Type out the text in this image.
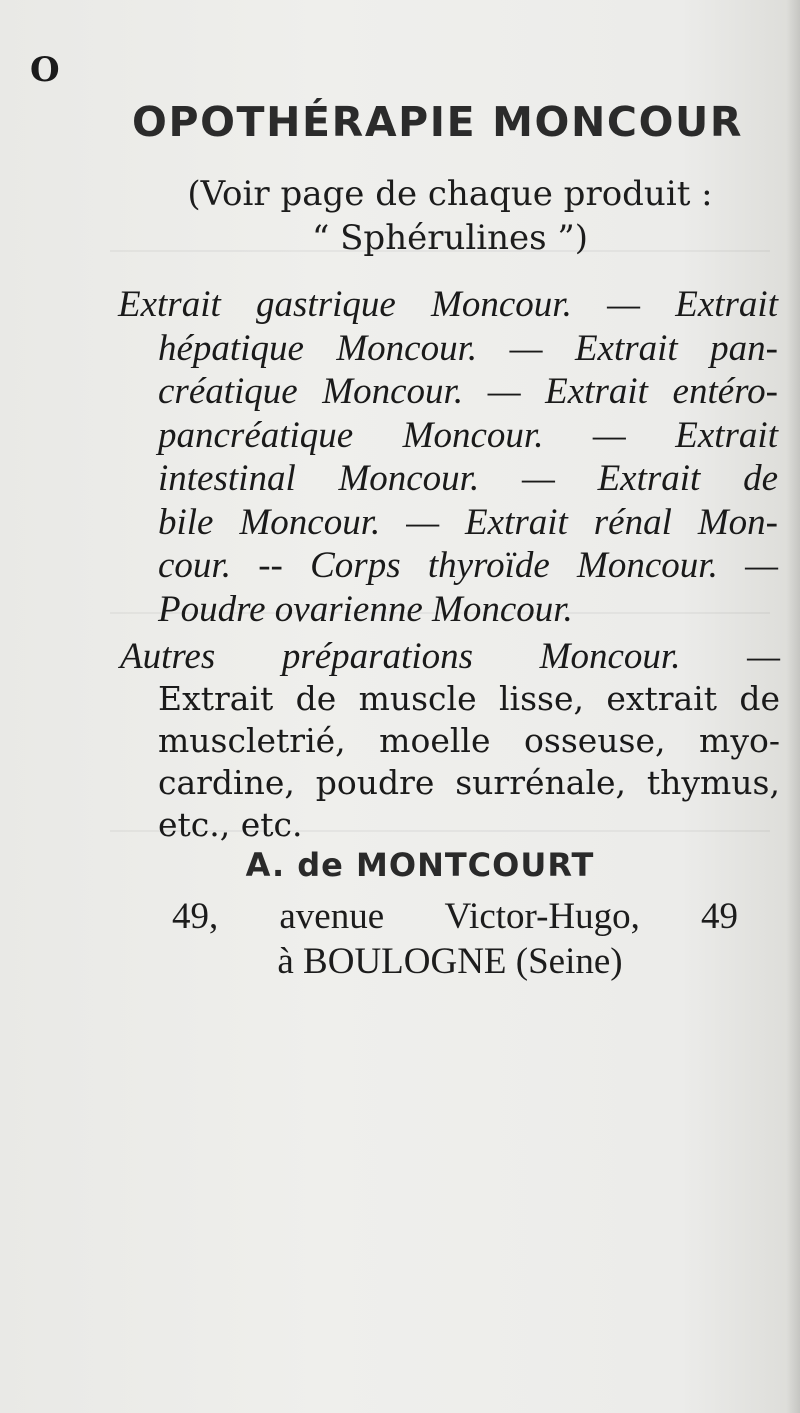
O
OPOTHÉRAPIE MONCOUR
(Voir page de chaque produit :
“ Sphérulines ”)
Extrait gastrique Moncour. — Extrait
hépatique Moncour. — Extrait pan-
créatique Moncour. — Extrait entéro-
pancréatique Moncour. — Extrait
intestinal Moncour. — Extrait de
bile Moncour. — Extrait rénal Mon-
cour. -- Corps thyroïde Moncour. —
Poudre ovarienne Moncour.
Autres préparations Moncour. —
Extrait de muscle lisse, extrait de
muscletrié, moelle osseuse, myo-
cardine, poudre surrénale, thymus,
etc., etc.
A. de MONTCOURT
49, avenue Victor-Hugo, 49
à BOULOGNE (Seine)
